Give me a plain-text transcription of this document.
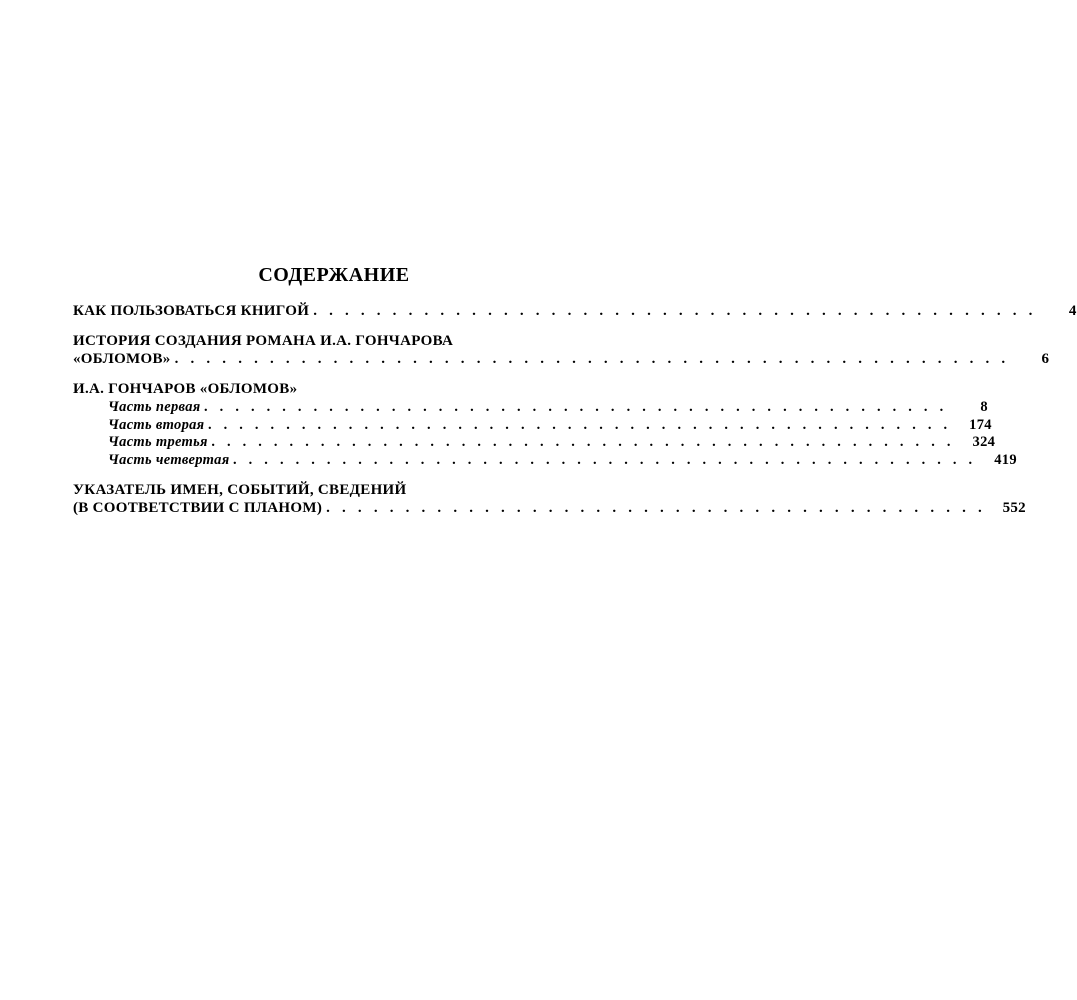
СОДЕРЖАНИЕ
КАК ПОЛЬЗОВАТЬСЯ КНИГОЙ . . . . . . . . . . . . . . . . . . . . . . . . . . . . . . . . . . . . . . . . . . . . . .	4
ИСТОРИЯ СОЗДАНИЯ РОМАНА И.А. ГОНЧАРОВА
«ОБЛОМОВ» . . . . . . . . . . . . . . . . . . . . . . . . . . . . . . . . . . . . . . . . . . . . . . . . . . . . .	6
И.А. ГОНЧАРОВ «ОБЛОМОВ»
Часть первая . . . . . . . . . . . . . . . . . . . . . . . . . . . . . . . . . . . . . . . . . . . . . . . .	8
Часть вторая . . . . . . . . . . . . . . . . . . . . . . . . . . . . . . . . . . . . . . . . . . . . . . . .	174
Часть третья . . . . . . . . . . . . . . . . . . . . . . . . . . . . . . . . . . . . . . . . . . . . . . . .	324
Часть четвертая . . . . . . . . . . . . . . . . . . . . . . . . . . . . . . . . . . . . . . . . . . . . . . . .	419
УКАЗАТЕЛЬ ИМЕН, СОБЫТИЙ, СВЕДЕНИЙ
(В СООТВЕТСТВИИ С ПЛАНОМ) . . . . . . . . . . . . . . . . . . . . . . . . . . . . . . . . . . . . . . . . . .	552
